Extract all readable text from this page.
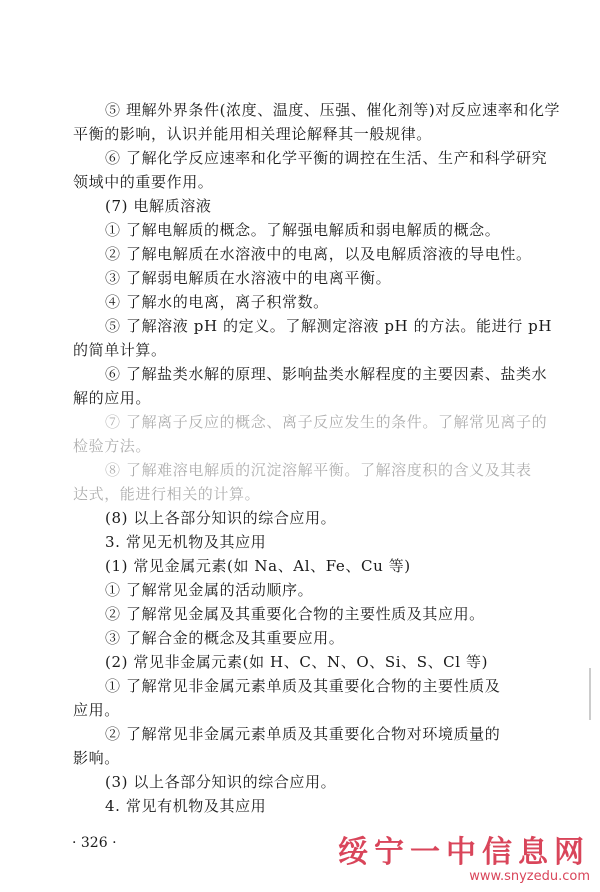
⑤ 理解外界条件(浓度、温度、压强、催化剂等)对反应速率和化学
平衡的影响，认识并能用相关理论解释其一般规律。
⑥ 了解化学反应速率和化学平衡的调控在生活、生产和科学研究
领域中的重要作用。
(7) 电解质溶液
① 了解电解质的概念。了解强电解质和弱电解质的概念。
② 了解电解质在水溶液中的电离，以及电解质溶液的导电性。
③ 了解弱电解质在水溶液中的电离平衡。
④ 了解水的电离，离子积常数。
⑤ 了解溶液 pH 的定义。了解测定溶液 pH 的方法。能进行 pH
的简单计算。
⑥ 了解盐类水解的原理、影响盐类水解程度的主要因素、盐类水
解的应用。
⑦ 了解离子反应的概念、离子反应发生的条件。了解常见离子的
检验方法。
⑧ 了解难溶电解质的沉淀溶解平衡。了解溶度积的含义及其表
达式，能进行相关的计算。
(8) 以上各部分知识的综合应用。
3. 常见无机物及其应用
(1) 常见金属元素(如 Na、Al、Fe、Cu 等)
① 了解常见金属的活动顺序。
② 了解常见金属及其重要化合物的主要性质及其应用。
③ 了解合金的概念及其重要应用。
(2) 常见非金属元素(如 H、C、N、O、Si、S、Cl 等)
① 了解常见非金属元素单质及其重要化合物的主要性质及
应用。
② 了解常见非金属元素单质及其重要化合物对环境质量的
影响。
(3) 以上各部分知识的综合应用。
4. 常见有机物及其应用
· 326 ·	绥宁一中信息网
www.snyzedu.com
